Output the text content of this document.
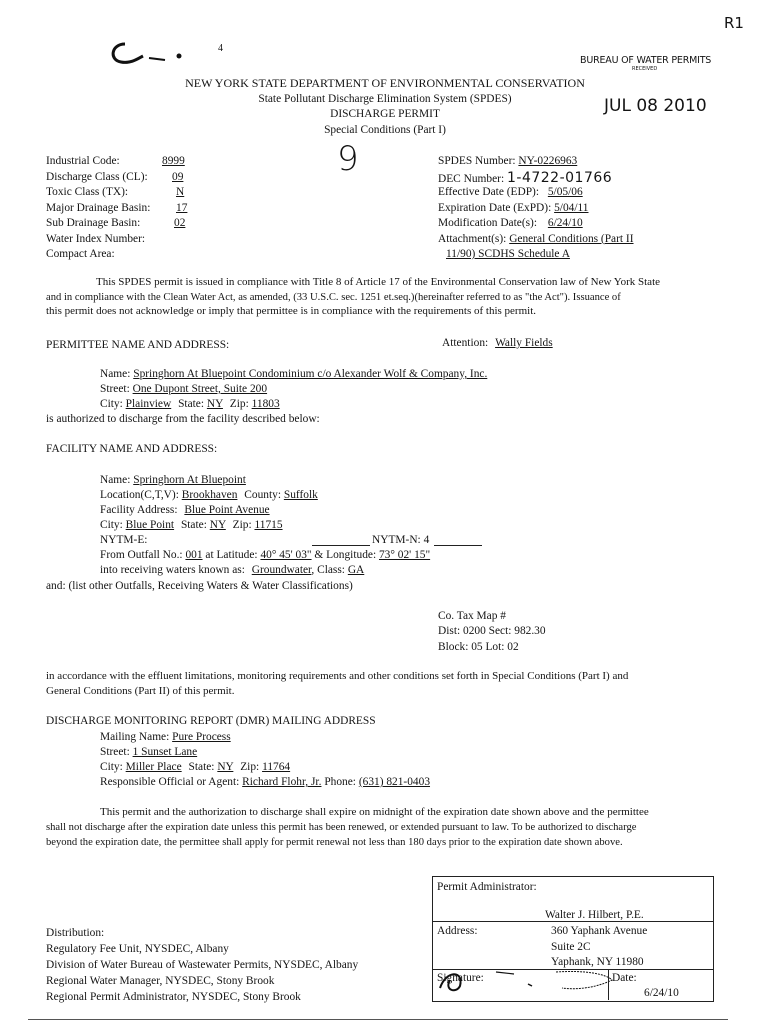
R1
4
BUREAU OF WATER PERMITS
RECEIVED
NEW YORK STATE DEPARTMENT OF ENVIRONMENTAL CONSERVATION
State Pollutant Discharge Elimination System (SPDES)
DISCHARGE PERMIT
Special Conditions (Part I)
JUL 08 2010
Industrial Code:	8999
Discharge Class (CL): 09
Toxic Class (TX):	N
Major Drainage Basin: 17
Sub Drainage Basin:	02
Water Index Number:
Compact Area:
9	SPDES Number: NY-0226963
DEC Number: 1-4722-01766
Effective Date (EDP): 5/05/06
Expiration Date (ExPD): 5/04/11
Modification Date(s): 6/24/10
Attachment(s): General Conditions (Part II
11/90) SCDHS Schedule A
This SPDES permit is issued in compliance with Title 8 of Article 17 of the Environmental Conservation law of New York State
and in compliance with the Clean Water Act, as amended, (33 U.S.C. sec. 1251 et.seq.)(hereinafter referred to as "the Act"). Issuance of
this permit does not acknowledge or imply that permittee is in compliance with the requirements of this permit.
PERMITTEE NAME AND ADDRESS:	Attention: Wally Fields
Name: Springhorn At Bluepoint Condominium c/o Alexander Wolf & Company, Inc.
Street: One Dupont Street, Suite 200
City: Plainview State: NY Zip: 11803
is authorized to discharge from the facility described below:
FACILITY NAME AND ADDRESS:
Name: Springhorn At Bluepoint
Location(C,T,V): Brookhaven County: Suffolk
Facility Address: Blue Point Avenue
City: Blue Point State: NY Zip: 11715
NYTM-E:	NYTM-N: 4
From Outfall No.: 001 at Latitude: 40° 45' 03" & Longitude: 73° 02' 15"
into receiving waters known as: Groundwater, Class: GA
and: (list other Outfalls, Receiving Waters & Water Classifications)
Co. Tax Map #
Dist: 0200 Sect: 982.30
Block: 05 Lot: 02
in accordance with the effluent limitations, monitoring requirements and other conditions set forth in Special Conditions (Part I) and
General Conditions (Part II) of this permit.
DISCHARGE MONITORING REPORT (DMR) MAILING ADDRESS
Mailing Name: Pure Process
Street: 1 Sunset Lane
City: Miller Place State: NY Zip: 11764
Responsible Official or Agent: Richard Flohr, Jr. Phone: (631) 821-0403
This permit and the authorization to discharge shall expire on midnight of the expiration date shown above and the permittee
shall not discharge after the expiration date unless this permit has been renewed, or extended pursuant to law. To be authorized to discharge
beyond the expiration date, the permittee shall apply for permit renewal not less than 180 days prior to the expiration date shown above.
Distribution:
Regulatory Fee Unit, NYSDEC, Albany
Division of Water Bureau of Wastewater Permits, NYSDEC, Albany
Regional Water Manager, NYSDEC, Stony Brook
Regional Permit Administrator, NYSDEC, Stony Brook
Permit Administrator:
Walter J. Hilbert, P.E.
Address:	360 Yaphank Avenue
Suite 2C
Yaphank, NY 11980
Signature:	Date:
6/24/10
